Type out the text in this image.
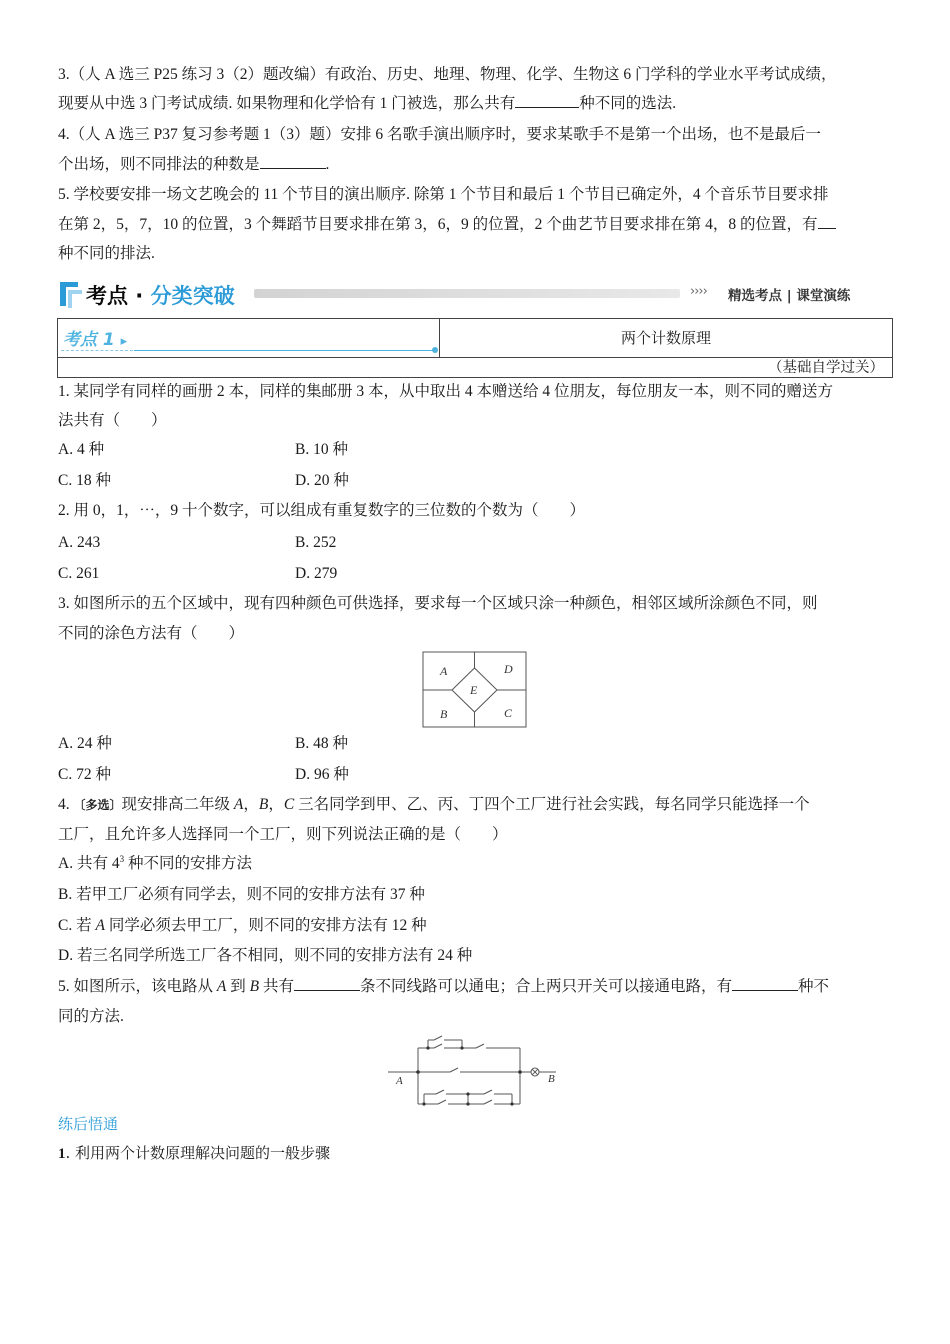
3.（人 A 选三 P25 练习 3（2）题改编）有政治、历史、地理、物理、化学、生物这 6 门学科的学业水平考试成绩，
现要从中选 3 门考试成绩. 如果物理和化学恰有 1 门被选，那么共有	种不同的选法.
4.（人 A 选三 P37 复习参考题 1（3）题）安排 6 名歌手演出顺序时，要求某歌手不是第一个出场，也不是最后一
个出场，则不同排法的种数是	.
5. 学校要安排一场文艺晚会的 11 个节目的演出顺序. 除第 1 个节目和最后 1 个节目已确定外，4 个音乐节目要求排
在第 2，5，7，10 的位置，3 个舞蹈节目要求排在第 3，6，9 的位置，2 个曲艺节目要求排在第 4，8 的位置，有
种不同的排法.
考点 · 分类突破	›››› 精选考点 | 课堂演练
考点 1 ▸	两个计数原理
（基础自学过关）
1. 某同学有同样的画册 2 本，同样的集邮册 3 本，从中取出 4 本赠送给 4 位朋友，每位朋友一本，则不同的赠送方
法共有（　　）
A. 4 种	B. 10 种
C. 18 种	D. 20 种
2. 用 0，1，⋯，9 十个数字，可以组成有重复数字的三位数的个数为（　　）
A. 243	B. 252
C. 261	D. 279
3. 如图所示的五个区域中，现有四种颜色可供选择，要求每一个区域只涂一种颜色，相邻区域所涂颜色不同，则
不同的涂色方法有（　　）
A	D
E
B	C
A. 24 种	B. 48 种
C. 72 种	D. 96 种
4. 〔多选〕现安排高二年级 A，B，C 三名同学到甲、乙、丙、丁四个工厂进行社会实践，每名同学只能选择一个
工厂，且允许多人选择同一个工厂，则下列说法正确的是（　　）
A. 共有 $4^3$ 种不同的安排方法
B. 若甲工厂必须有同学去，则不同的安排方法有 37 种
C. 若 A 同学必须去甲工厂，则不同的安排方法有 12 种
D. 若三名同学所选工厂各不相同，则不同的安排方法有 24 种
5. 如图所示，该电路从 A 到 B 共有	条不同线路可以通电；合上两只开关可以接通电路，有	种不
同的方法.
A	B
练后悟通
1. 利用两个计数原理解决问题的一般步骤
